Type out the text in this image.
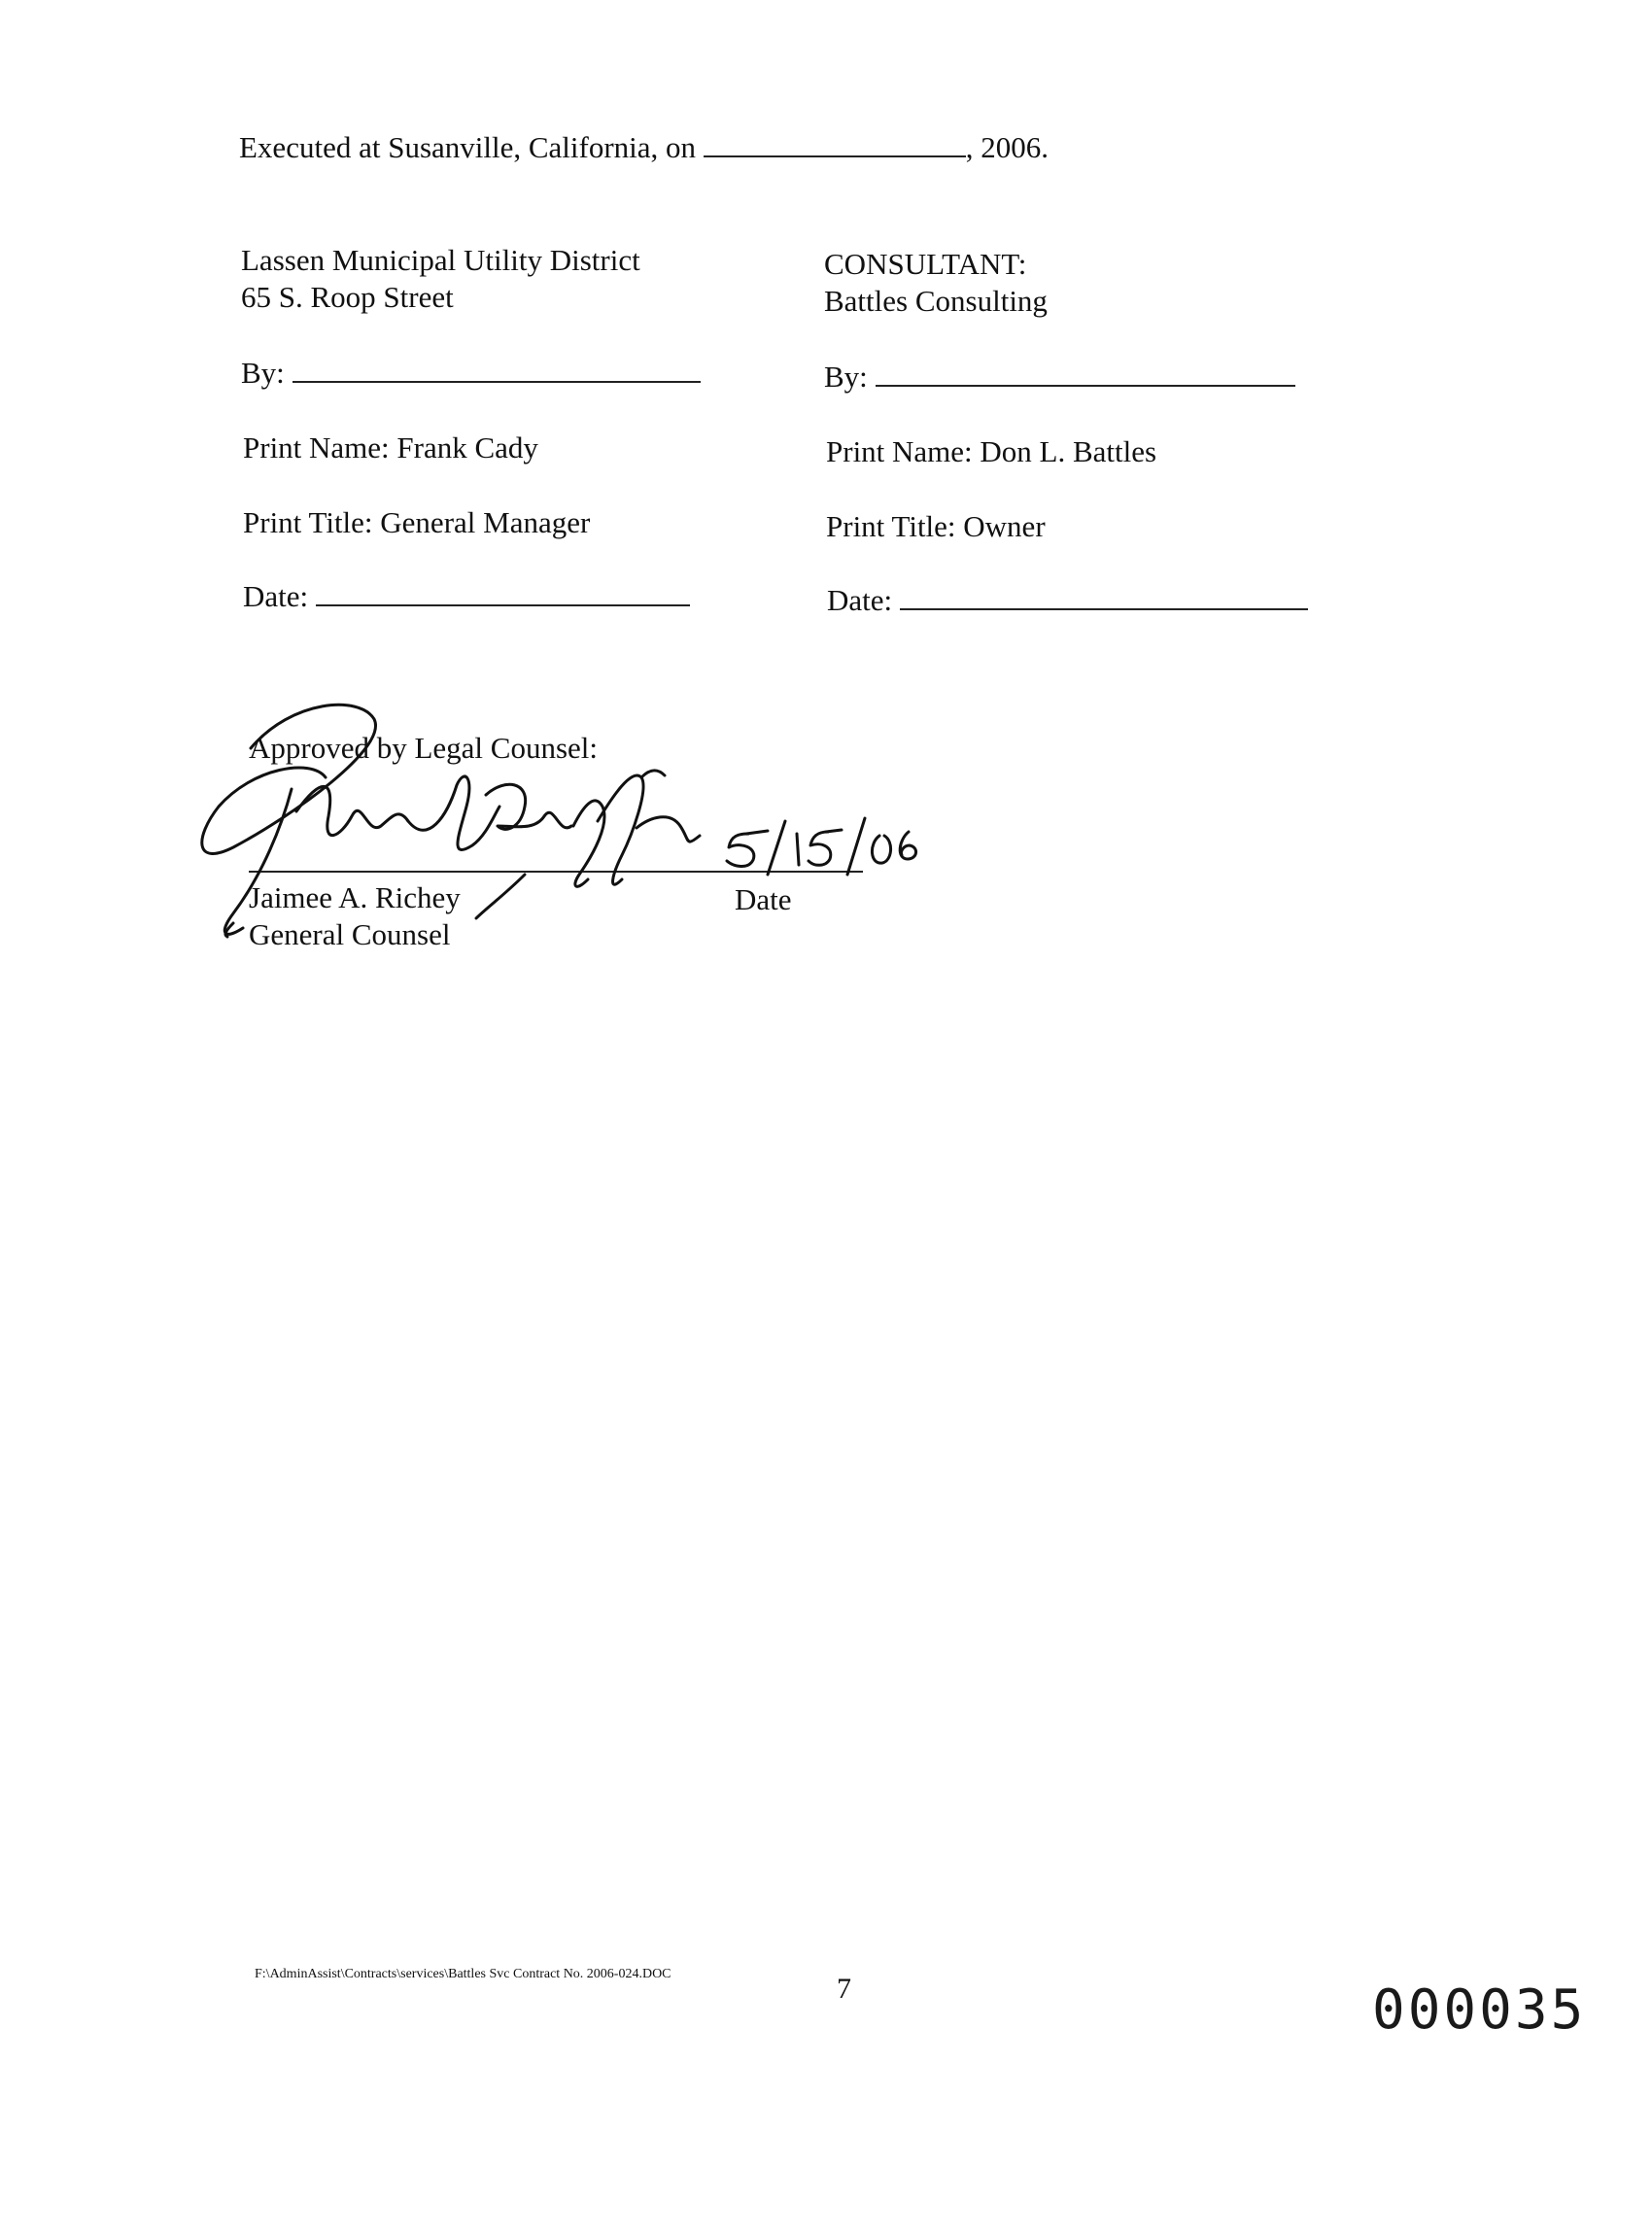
Executed at Susanville, California, on	, 2006.
Lassen Municipal Utility District
65 S. Roop Street
By:
Print Name: Frank Cady
Print Title: General Manager
Date:
CONSULTANT:
Battles Consulting
By:
Print Name: Don L. Battles
Print Title: Owner
Date:
Approved by Legal Counsel:
Jaimee A. Richey	Date
General Counsel
F:\AdminAssist\Contracts\services\Battles Svc Contract No. 2006-024.DOC	7	000035
